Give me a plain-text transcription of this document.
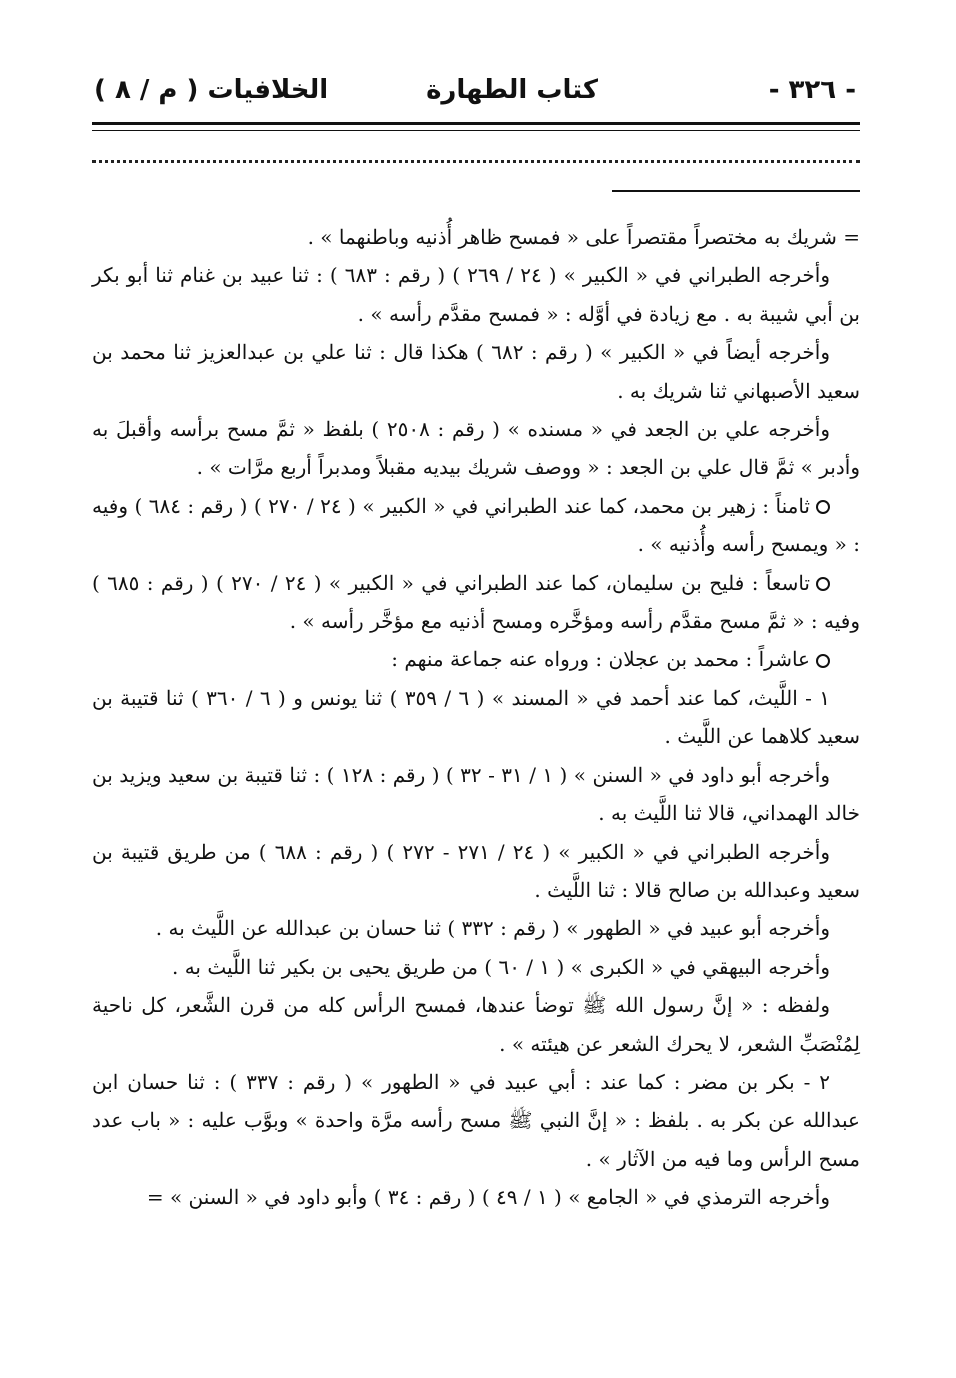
- ٣٢٦ -
كتاب الطهارة
الخلافيات ( م / ٨ )

= شريك به مختصراً مقتصراً على « فمسح ظاهر أُذنيه وباطنهما » .

وأخرجه الطبراني في « الكبير » ( ٢٤ / ٢٦٩ ) ( رقم : ٦٨٣ ) : ثنا عبيد بن غنام ثنا أبو بكر بن أبي شيبة به . مع زيادة في أوَّله : « فمسح مقدَّم رأسه » .

وأخرجه أيضاً في « الكبير » ( رقم : ٦٨٢ ) هكذا قال : ثنا علي بن عبدالعزيز ثنا محمد بن سعيد الأصبهاني ثنا شريك به .

وأخرجه علي بن الجعد في « مسنده » ( رقم : ٢٥٠٨ ) بلفظ « ثمَّ مسح برأسه وأقبلَ به وأدبر » ثمَّ قال علي بن الجعد : « ووصف شريك بيديه مقبلاً ومدبراً أربع مرَّات » .

ثامناً : زهير بن محمد، كما عند الطبراني في « الكبير » ( ٢٤ / ٢٧٠ ) ( رقم : ٦٨٤ ) وفيه : « ويمسح رأسه وأُذنيه » .

تاسعاً : فليح بن سليمان، كما عند الطبراني في « الكبير » ( ٢٤ / ٢٧٠ ) ( رقم : ٦٨٥ ) وفيه : « ثمَّ مسح مقدَّم رأسه ومؤخَّره ومسح أذنيه مع مؤخَّر رأسه » .

عاشراً : محمد بن عجلان : ورواه عنه جماعة منهم :

١ - اللَّيث، كما عند أحمد في « المسند » ( ٦ / ٣٥٩ ) ثنا يونس و ( ٦ / ٣٦٠ ) ثنا قتيبة بن سعيد كلاهما عن اللَّيث .

وأخرجه أبو داود في « السنن » ( ١ / ٣١ - ٣٢ ) ( رقم : ١٢٨ ) : ثنا قتيبة بن سعيد ويزيد بن خالد الهمداني، قالا ثنا اللَّيث به .

وأخرجه الطبراني في « الكبير » ( ٢٤ / ٢٧١ - ٢٧٢ ) ( رقم : ٦٨٨ ) من طريق قتيبة بن سعيد وعبدالله بن صالح قالا : ثنا اللَّيث .

وأخرجه أبو عبيد في « الطهور » ( رقم : ٣٣٢ ) ثنا حسان بن عبدالله عن اللَّيث به .

وأخرجه البيهقي في « الكبرى » ( ١ / ٦٠ ) من طريق يحيى بن بكير ثنا اللَّيث به .

ولفظه : « إنَّ رسول الله ﷺ توضأ عندها، فمسح الرأس كله من قرن الشَّعر، كل ناحية لِمُنْصَبِّ الشعر، لا يحرك الشعر عن هيئته » .

٢ - بكر بن مضر : كما عند : أبي عبيد في « الطهور » ( رقم : ٣٣٧ ) : ثنا حسان ابن عبدالله عن بكر به . بلفظ : « إنَّ النبي ﷺ مسح رأسه مرَّة واحدة » وبوَّب عليه : « باب عدد مسح الرأس وما فيه من الآثار » .

وأخرجه الترمذي في « الجامع » ( ١ / ٤٩ ) ( رقم : ٣٤ ) وأبو داود في « السنن » =
